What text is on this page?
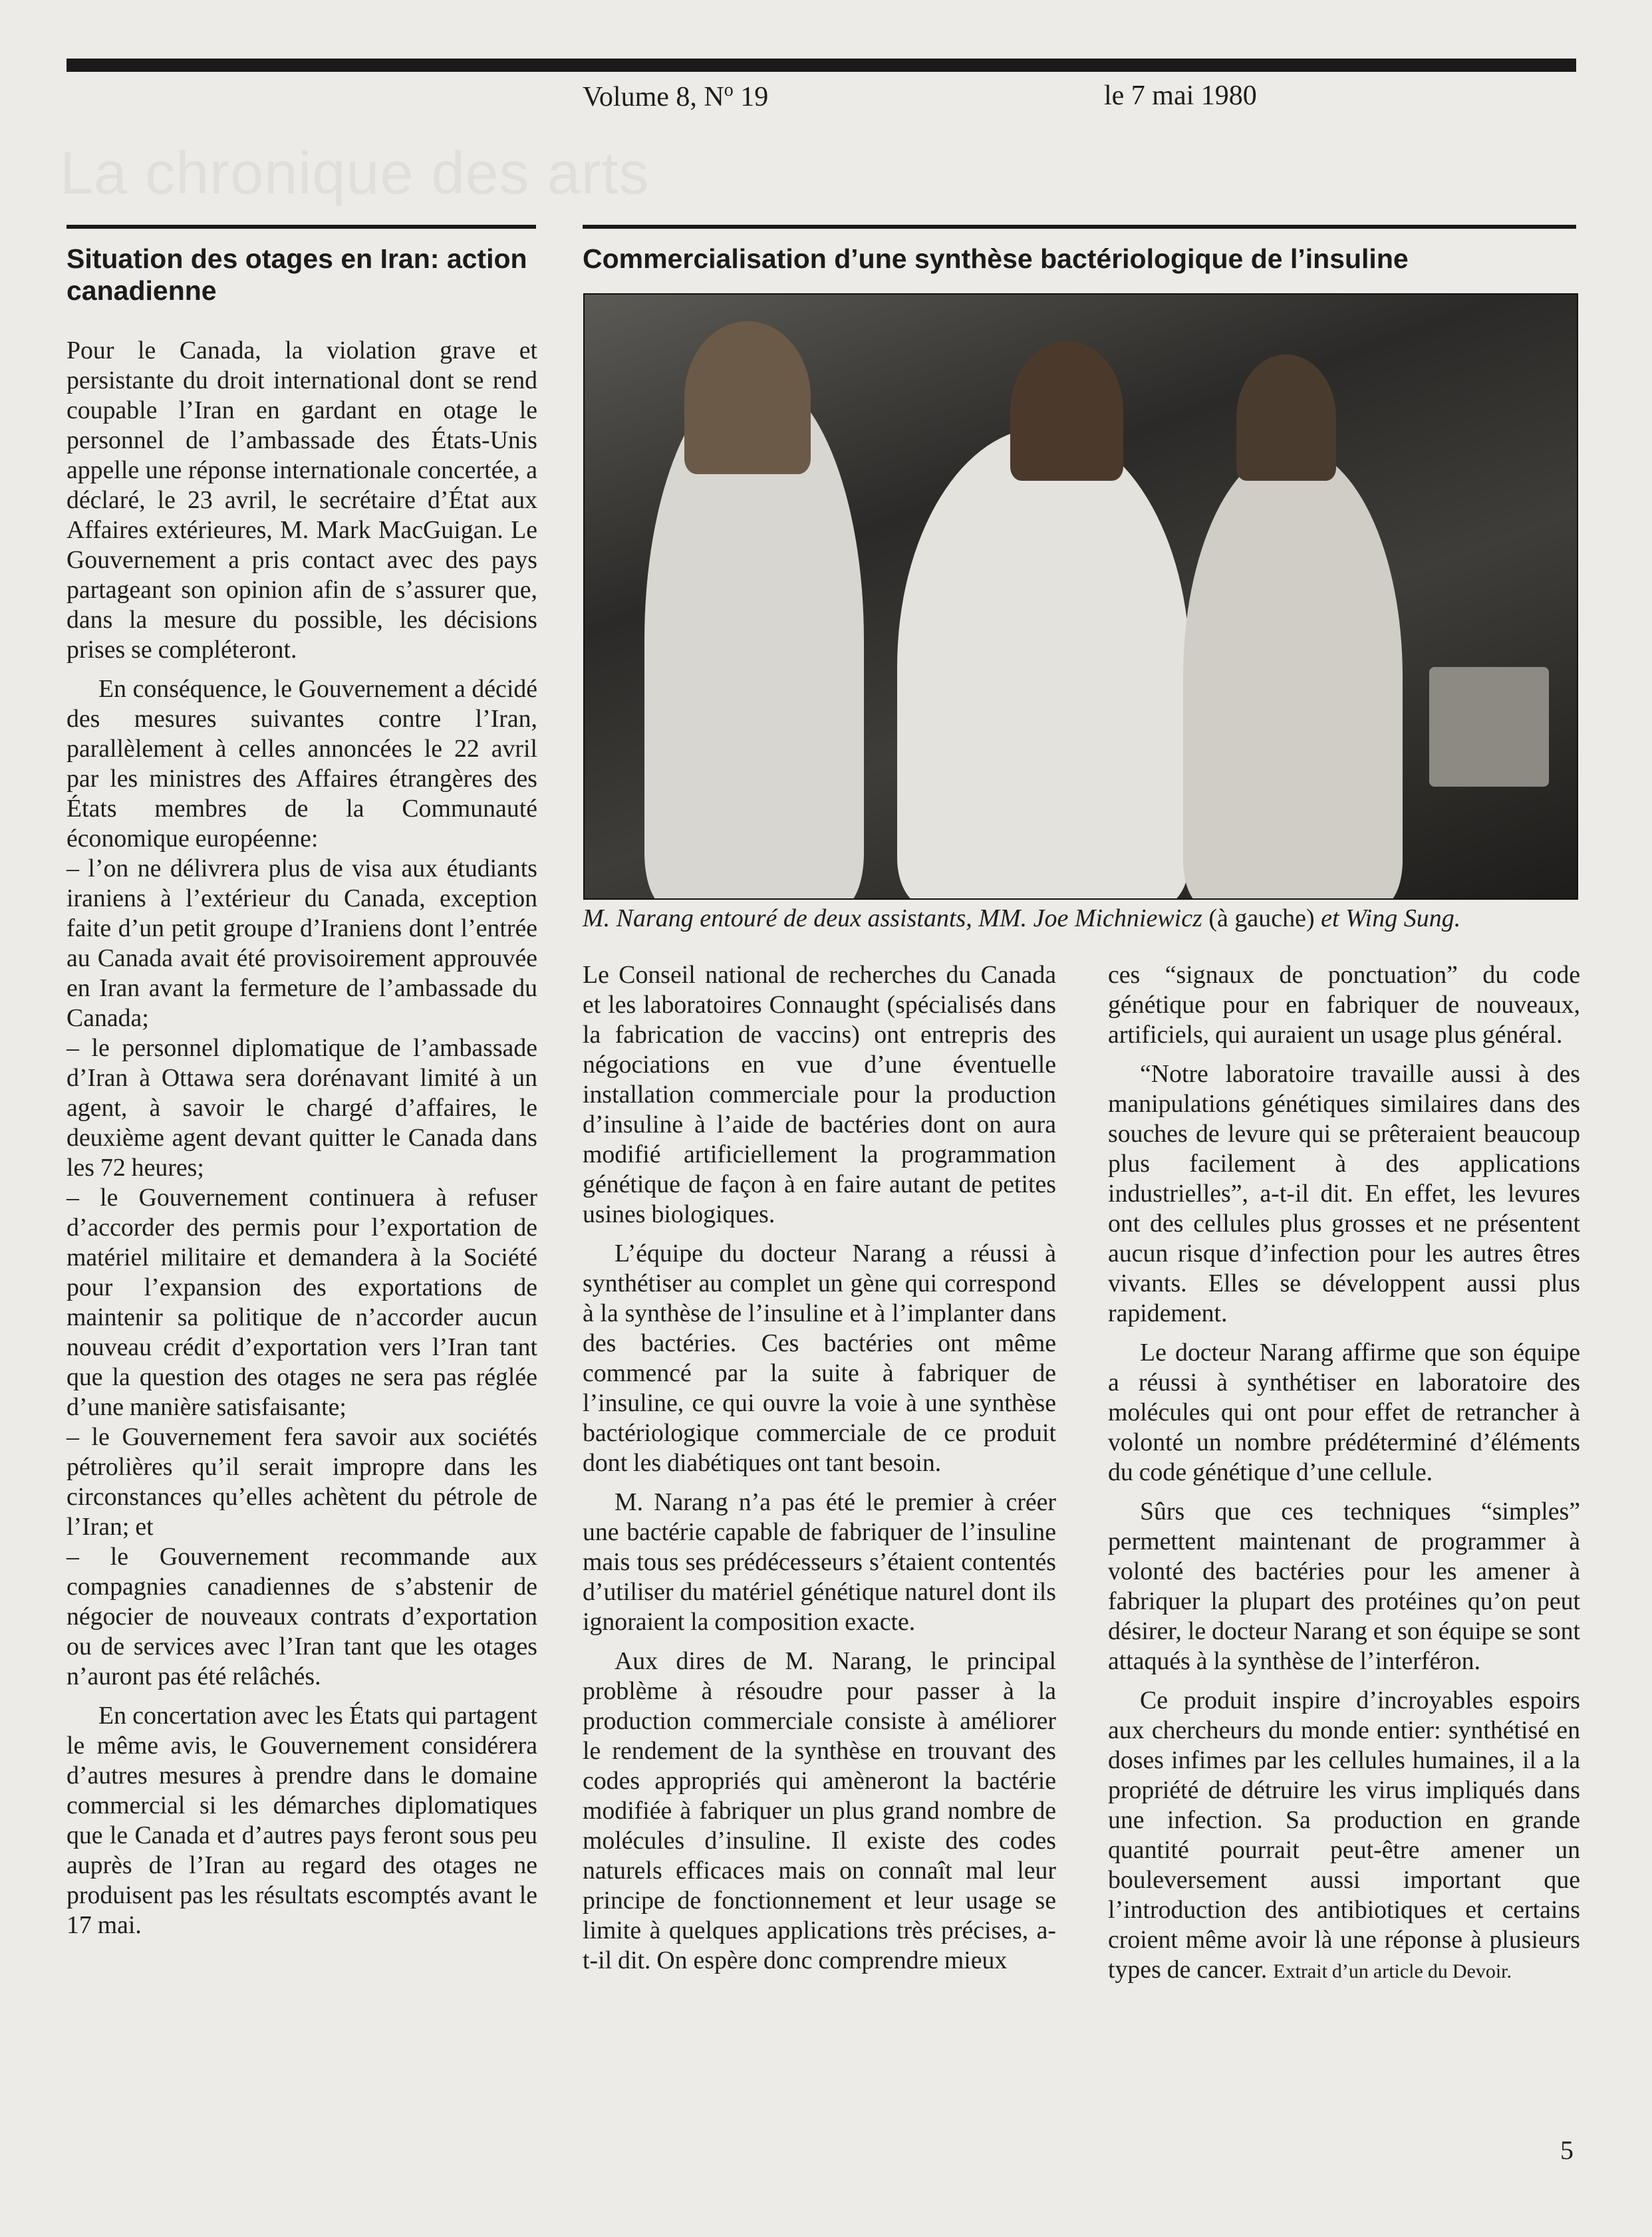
La chronique des arts
Volume 8, $N^o$ 19	le 7 mai 1980
Situation des otages en Iran: action canadienne

Pour le Canada, la violation grave et persistante du droit international dont se rend coupable l’Iran en gardant en otage le personnel de l’ambassade des États-Unis appelle une réponse internationale concertée, a déclaré, le 23 avril, le secrétaire d’État aux Affaires extérieures, M. Mark MacGuigan. Le Gouvernement a pris contact avec des pays partageant son opinion afin de s’assurer que, dans la mesure du possible, les décisions prises se compléteront.

En conséquence, le Gouvernement a décidé des mesures suivantes contre l’Iran, parallèlement à celles annoncées le 22 avril par les ministres des Affaires étrangères des États membres de la Communauté économique européenne:

– l’on ne délivrera plus de visa aux étudiants iraniens à l’extérieur du Canada, exception faite d’un petit groupe d’Iraniens dont l’entrée au Canada avait été provisoirement approuvée en Iran avant la fermeture de l’ambassade du Canada;

– le personnel diplomatique de l’ambassade d’Iran à Ottawa sera dorénavant limité à un agent, à savoir le chargé d’affaires, le deuxième agent devant quitter le Canada dans les 72 heures;

– le Gouvernement continuera à refuser d’accorder des permis pour l’exportation de matériel militaire et demandera à la Société pour l’expansion des exportations de maintenir sa politique de n’accorder aucun nouveau crédit d’exportation vers l’Iran tant que la question des otages ne sera pas réglée d’une manière satisfaisante;

– le Gouvernement fera savoir aux sociétés pétrolières qu’il serait impropre dans les circonstances qu’elles achètent du pétrole de l’Iran; et

– le Gouvernement recommande aux compagnies canadiennes de s’abstenir de négocier de nouveaux contrats d’exportation ou de services avec l’Iran tant que les otages n’auront pas été relâchés.

En concertation avec les États qui partagent le même avis, le Gouvernement considérera d’autres mesures à prendre dans le domaine commercial si les démarches diplomatiques que le Canada et d’autres pays feront sous peu auprès de l’Iran au regard des otages ne produisent pas les résultats escomptés avant le 17 mai.

Commercialisation d’une synthèse bactériologique de l’insuline
M. Narang entouré de deux assistants, MM. Joe Michniewicz (à gauche) et Wing Sung.

Le Conseil national de recherches du Canada et les laboratoires Connaught (spécialisés dans la fabrication de vaccins) ont entrepris des négociations en vue d’une éventuelle installation commerciale pour la production d’insuline à l’aide de bactéries dont on aura modifié artificiellement la programmation génétique de façon à en faire autant de petites usines biologiques.

L’équipe du docteur Narang a réussi à synthétiser au complet un gène qui correspond à la synthèse de l’insuline et à l’implanter dans des bactéries. Ces bactéries ont même commencé par la suite à fabriquer de l’insuline, ce qui ouvre la voie à une synthèse bactériologique commerciale de ce produit dont les diabétiques ont tant besoin.

M. Narang n’a pas été le premier à créer une bactérie capable de fabriquer de l’insuline mais tous ses prédécesseurs s’étaient contentés d’utiliser du matériel génétique naturel dont ils ignoraient la composition exacte.

Aux dires de M. Narang, le principal problème à résoudre pour passer à la production commerciale consiste à améliorer le rendement de la synthèse en trouvant des codes appropriés qui amèneront la bactérie modifiée à fabriquer un plus grand nombre de molécules d’insuline. Il existe des codes naturels efficaces mais on connaît mal leur principe de fonctionnement et leur usage se limite à quelques applications très précises, a-t-il dit. On espère donc comprendre mieux

ces “signaux de ponctuation” du code génétique pour en fabriquer de nouveaux, artificiels, qui auraient un usage plus général.

“Notre laboratoire travaille aussi à des manipulations génétiques similaires dans des souches de levure qui se prêteraient beaucoup plus facilement à des applications industrielles”, a-t-il dit. En effet, les levures ont des cellules plus grosses et ne présentent aucun risque d’infection pour les autres êtres vivants. Elles se développent aussi plus rapidement.

Le docteur Narang affirme que son équipe a réussi à synthétiser en laboratoire des molécules qui ont pour effet de retrancher à volonté un nombre prédéterminé d’éléments du code génétique d’une cellule.

Sûrs que ces techniques “simples” permettent maintenant de programmer à volonté des bactéries pour les amener à fabriquer la plupart des protéines qu’on peut désirer, le docteur Narang et son équipe se sont attaqués à la synthèse de l’interféron.

Ce produit inspire d’incroyables espoirs aux chercheurs du monde entier: synthétisé en doses infimes par les cellules humaines, il a la propriété de détruire les virus impliqués dans une infection. Sa production en grande quantité pourrait peut-être amener un bouleversement aussi important que l’introduction des antibiotiques et certains croient même avoir là une réponse à plusieurs types de cancer. Extrait d’un article du Devoir.

5
